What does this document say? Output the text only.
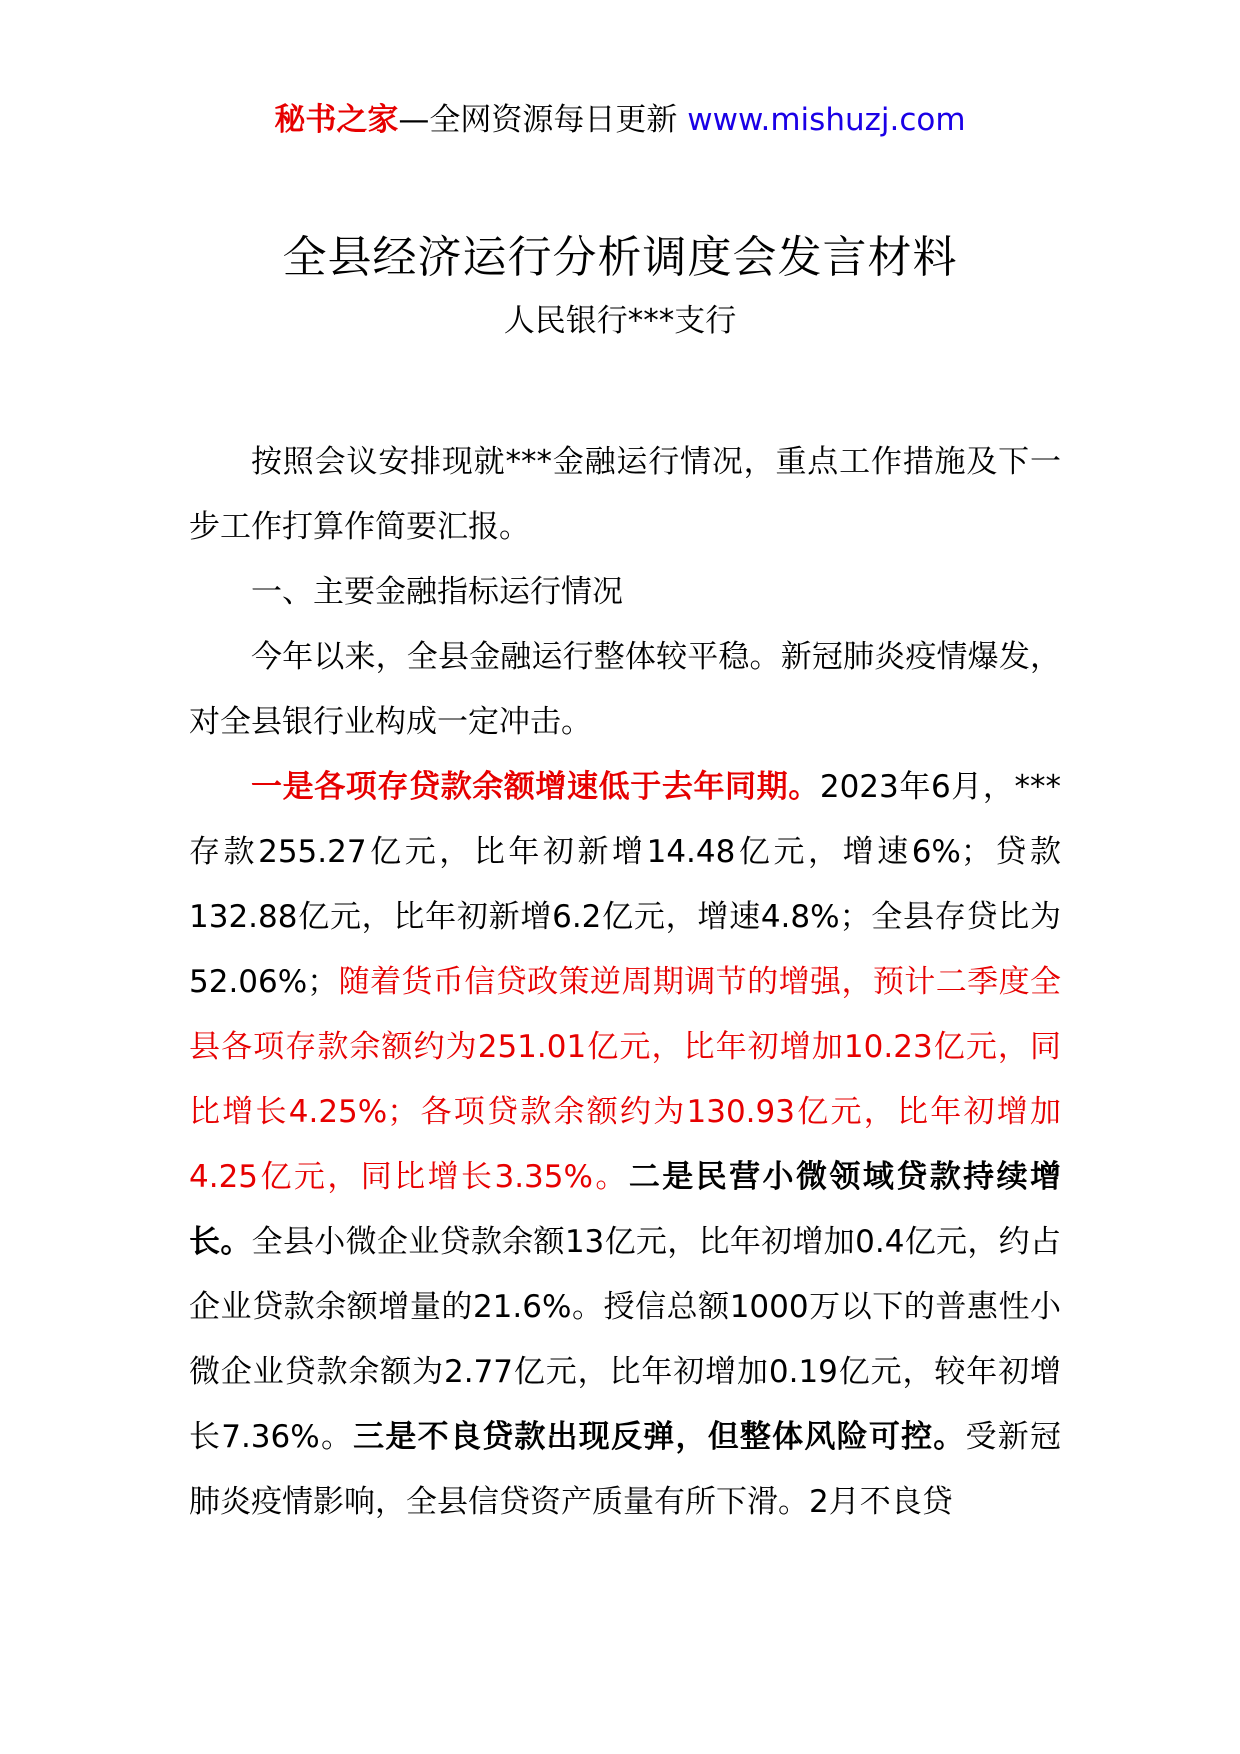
秘书之家—全网资源每日更新 www.mishuzj.com
全县经济运行分析调度会发言材料
人民银行***支行

按照会议安排现就***金融运行情况，重点工作措施及下一步工作打算作简要汇报。

一、主要金融指标运行情况

今年以来，全县金融运行整体较平稳。新冠肺炎疫情爆发，对全县银行业构成一定冲击。

一是各项存贷款余额增速低于去年同期。2023年6月，***存款255.27亿元，比年初新增14.48亿元，增速6%；贷款132.88亿元，比年初新增6.2亿元，增速4.8%；全县存贷比为52.06%；随着货币信贷政策逆周期调节的增强，预计二季度全县各项存款余额约为251.01亿元，比年初增加10.23亿元，同比增长4.25%；各项贷款余额约为130.93亿元，比年初增加4.25亿元，同比增长3.35%。二是民营小微领域贷款持续增长。全县小微企业贷款余额13亿元，比年初增加0.4亿元，约占企业贷款余额增量的21.6%。授信总额1000万以下的普惠性小微企业贷款余额为2.77亿元，比年初增加0.19亿元，较年初增长7.36%。三是不良贷款出现反弹，但整体风险可控。受新冠肺炎疫情影响，全县信贷资产质量有所下滑。2月不良贷
